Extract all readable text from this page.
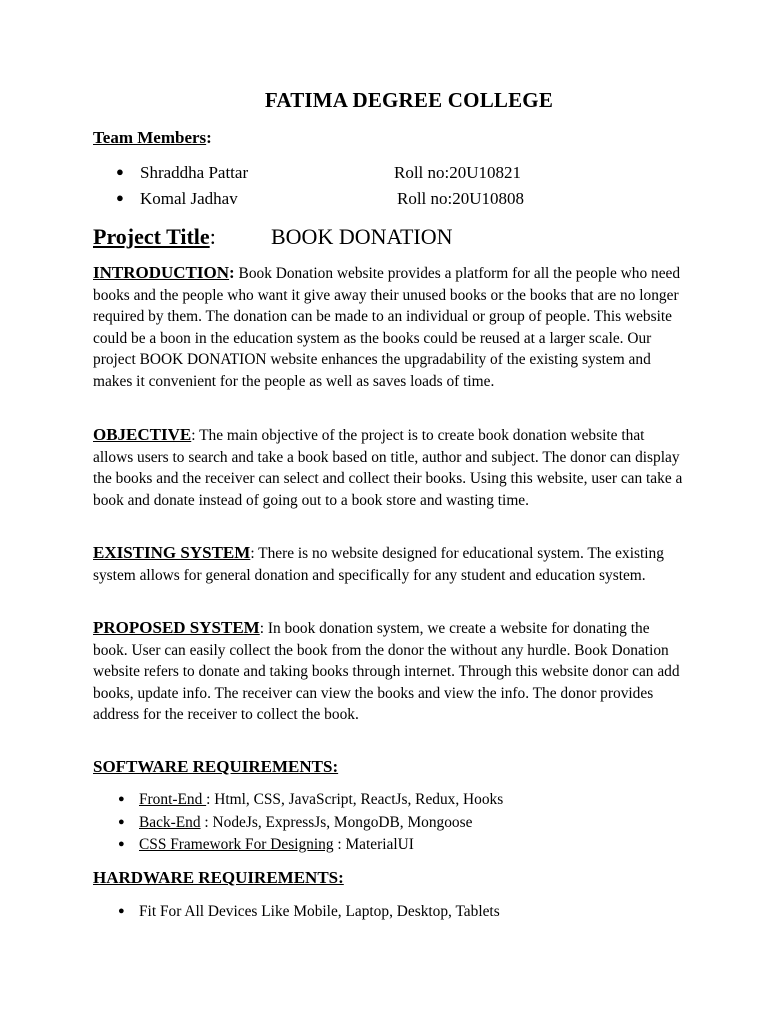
FATIMA DEGREE COLLEGE
Team Members:
● Shraddha Pattar	Roll no:20U10821
● Komal Jadhav	Roll no:20U10808
Project Title:	BOOK DONATION
INTRODUCTION: Book Donation website provides a platform for all the people who need books and the people who want it give away their unused books or the books that are no longer required by them. The donation can be made to an individual or group of people. This website could be a boon in the education system as the books could be reused at a larger scale. Our project BOOK DONATION website enhances the upgradability of the existing system and makes it convenient for the people as well as saves loads of time.
OBJECTIVE: The main objective of the project is to create book donation website that allows users to search and take a book based on title, author and subject. The donor can display the books and the receiver can select and collect their books. Using this website, user can take a book and donate instead of going out to a book store and wasting time.
EXISTING SYSTEM: There is no website designed for educational system. The existing system allows for general donation and specifically for any student and education system.
PROPOSED SYSTEM: In book donation system, we create a website for donating the book. User can easily collect the book from the donor the without any hurdle. Book Donation website refers to donate and taking books through internet. Through this website donor can add books, update info. The receiver can view the books and view the info. The donor provides address for the receiver to collect the book.
SOFTWARE REQUIREMENTS:
● Front-End : Html, CSS, JavaScript, ReactJs, Redux, Hooks
● Back-End : NodeJs, ExpressJs, MongoDB, Mongoose
● CSS Framework For Designing : MaterialUI
HARDWARE REQUIREMENTS:
● Fit For All Devices Like Mobile, Laptop, Desktop, Tablets
